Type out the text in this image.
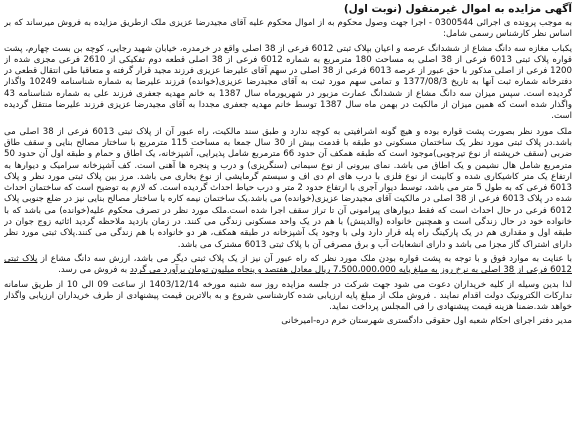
آگهی مزایده به اموال غیرمنقول (نوبت اول)

به موجب پرونده ی اجرائی 0300544 - اجرا جهت وصول محکوم به از اموال محکوم علیه آقای مجیدرضا عزیزی ملک ازطریق مزایده به فروش میرساند که بر اساس نظر کارشناس رسمی شامل:

یکباب مغازه سه دانگ مشاع از ششدانگ عرصه و اعیان بپلاک ثبتی 6012 فرعی از 38 اصلی واقع در خرمدره، خیابان شهید رجایی، کوچه بن بست چهارم، پشت قواره پلاک ثبتی 6013 فرعی از 38 اصلی به مساحت 180 مترمربع به شماره 6012 فرعی از 38 اصلی قطعه دوم تفکیکی از 2610 فرعی مجزی شده از 1200 فرعی از اصلی مذکور با حق عبور از عرصه 6013 فرعی از 38 اصلی در سهم آقای علیرضا عزیزی فرزند مجید قرار گرفته و متعاقبا طی انتقال قطعی در دفترخانه شماره ثبت آنها به تاریخ 1377/08/3 و تمامی سهم مورد ثبت به آقای مجیدرضا عزیزی(خوانده) فرزند علیرضا به شماره شناسنامه 10249 واگذار گردیده است. سپس میزان سه دانگ مشاع از ششدانگ عمارت مزبور در شهریورماه سال 1387 به خانم مهدیه جعفری فرزند علی به شماره شناسنامه 43 واگذار شده است که همین میزان از مالکیت در بهمن ماه سال 1387 توسط خانم مهدیه جعفری مجددا به آقای مجیدرضا عزیزی فرزند علیرضا منتقل گردیده است.

ملک مورد نظر بصورت پشت قواره بوده و هیچ گونه اشرافیتی به کوچه ندارد و طبق سند مالکیت، راه عبور آن از پلاک ثبتی 6013 فرعی از 38 اصلی می باشد.در پلاک ثبتی مورد نظر یک ساختمان مسکونی دو طبقه با قدمت بیش از 30 سال جمعا به مساحت 115 مترمربع با ساختار مصالح بنایی و سقف طاق ضربی (سقف خرپشته از نوع تیرچوبی)موجود است که طبقه همکف آن حدود 66 مترمربع شامل پذیرایی، آشپزخانه، یک اطاق و حمام و طبقه اول آن حدود 50 مترمربع شامل هال نشیمن و یک اطاق می باشد. نمای بیرونی از نوع سیمانی (سنگریزی) و درب و پنجره ها آهنی است. کف آشپزخانه سرامیک و دیوارها به ارتفاع یک متر کاشیکاری شده و کابینت از نوع فلزی با درب های ام دی اف و سیستم گرمایشی از نوع بخاری می باشد. مرز بین پلاک ثبتی مورد نظر و پلاک 6013 فرعی که به طول 5 متر می باشد، توسط دیوار آجری با ارتفاع حدود 2 متر و درب حیاط احداث گردیده است. که لازم به توضیح است که ساختمان احداث شده در پلاک 6013 فرعی از 38 اصلی در مالکیت آقای مجیدرضا عزیزی(خوانده) می باشد.یک ساختمان نیمه کاره با ساختار مصالح بنایی نیز در ضلع جنوبی پلاک 6012 فرعی در حال احداث است که فقط دیوارهای پیرامونی آن تا تراز سقف اجرا شده است.ملک مورد نظر در تصرف محکوم علیه(خوانده) می باشد که با خانواده خود در حال زندگی است و همچنین خانواده (والدینش) با هم در یک واحد مسکونی زندگی می کنند. در زمان بازدید ملاحظه گردید اثاثیه زوج جوان در طبقه اول و مقداری هم در یک پارکینگ راه پله قرار دارد ولی با وجود یک آشپزخانه در طبقه همکف، هر دو خانواده با هم زندگی می کنند.پلاک ثبتی مورد نظر دارای اشتراک گاز مجزا می باشد و دارای انشعابات آب و برق مصرفی آن با پلاک ثبتی 6013 مشترک می باشد.

با عنایت به موارد فوق و با توجه به پشت قواره بودن ملک مورد نظر که راه عبور آن نیز از یک پلاک ثبتی دیگر می باشد، ارزش سه دانگ مشاع از پلاک ثبتی 6012 فرعی از 38 اصلی به نرخ روز به مبلغ پایه 7،500،000،000 ریال معادل هفتصد و پنجاه میلیون تومان برآورد می گردد به فروش می رسد.

لذا بدین وسیله از کلیه خریداران دعوت می شود جهت شرکت در جلسه مزایده روز سه شنبه مورخه 1403/12/14 از ساعت 09 الی 10 از طریق سامانه تدارکات الکترونیک دولت اقدام نمایند . فروش ملک از مبلغ پایه ارزیابی شده کارشناسی شروع و به بالاترین قیمت پیشنهادی از طرف خریداران ارزیابی واگذار خواهد شد.ضمنا هزینه قیمت پیشنهادی را فی المجلس پرداخت نماید.

مدیر دفتر اجرای احکام شعبه اول حقوقی دادگستری شهرستان خرم دره-امیرخانی
